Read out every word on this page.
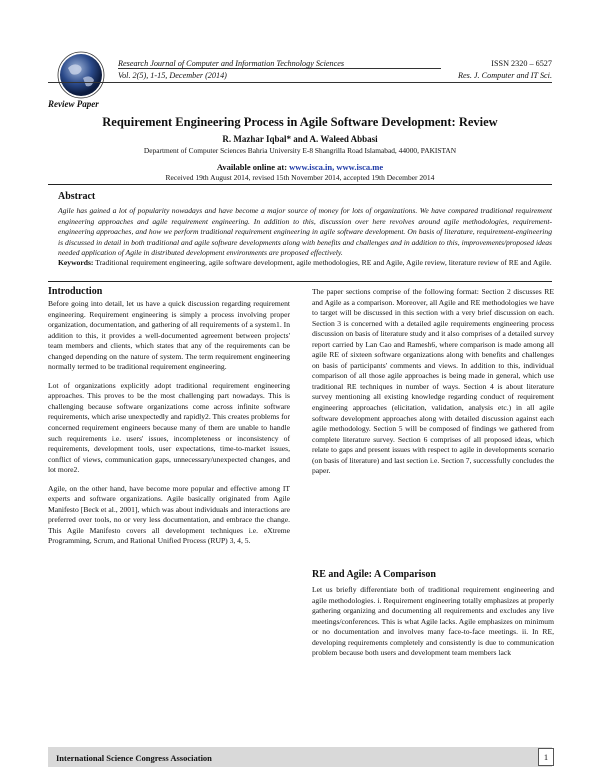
Research Journal of Computer and Information Technology Sciences	ISSN 2320 – 6527
Vol. 2(5), 1-15, December (2014)	Res. J. Computer and IT Sci.
Review Paper
Requirement Engineering Process in Agile Software Development: Review
R. Mazhar Iqbal* and A. Waleed Abbasi
Department of Computer Sciences Bahria University E-8 Shangrilla Road Islamabad, 44000, PAKISTAN
Available online at: www.isca.in, www.isca.me
Received 19th August 2014, revised 15th November 2014, accepted 19th December 2014
Abstract
Agile has gained a lot of popularity nowadays and have become a major source of money for lots of organizations. We have compared traditional requirement engineering approaches and agile requirement engineering. In addition to this, discussion over here revolves around agile methodologies, requirement-engineering approaches, and how we perform traditional requirement engineering in agile software development. On basis of literature, requirement-engineering is discussed in detail in both traditional and agile software developments along with benefits and challenges and in addition to this, improvements/proposed ideas needed application of Agile in distributed development environments are proposed effectively.
Keywords: Traditional requirement engineering, agile software development, agile methodologies, RE and Agile, Agile review, literature review of RE and Agile.
Introduction

Before going into detail, let us have a quick discussion regarding requirement engineering. Requirement engineering is simply a process involving proper organization, documentation, and gathering of all requirements of a system1. In addition to this, it provides a well-documented agreement between projects' team members and clients, which states that any of the requirements can be changed depending on the nature of system. The term requirement engineering normally termed to be traditional requirement engineering.

Lot of organizations explicitly adopt traditional requirement engineering approaches. This proves to be the most challenging part nowadays. This is challenging because software organizations come across infinite software requirements, which arise unexpectedly and rapidly2. This creates problems for concerned requirement engineers because many of them are unable to handle such requirements i.e. users' issues, incompleteness or inconsistency of requirements, development tools, user expectations, time-to-market issues, conflict of views, communication gaps, unnecessary/unexpected changes, and lot more2.

Agile, on the other hand, have become more popular and effective among IT experts and software organizations. Agile basically originated from Agile Manifesto [Beck et al., 2001], which was about individuals and interactions are preferred over tools, no or very less documentation, and embrace the change. This Agile Manifesto covers all development techniques i.e. eXtreme Programming, Scrum, and Rational Unified Process (RUP) 3, 4, 5.

The paper sections comprise of the following format: Section 2 discusses RE and Agile as a comparison. Moreover, all Agile and RE methodologies we have to target will be discussed in this section with a very brief discussion on each. Section 3 is concerned with a detailed agile requirements engineering process discussion on basis of literature study and it also comprises of a detailed survey report carried by Lan Cao and Ramesh6, where comparison is made among all agile RE of sixteen software organizations along with benefits and challenges on basis of participants' comments and views. In addition to this, individual comparison of all those agile approaches is being made in general, which use traditional RE techniques in number of ways. Section 4 is about literature survey mentioning all existing knowledge regarding conduct of requirement engineering approaches (elicitation, validation, analysis etc.) in all agile software development approaches along with detailed discussion against each agile methodology. Section 5 will be composed of findings we gathered from complete literature survey. Section 6 comprises of all proposed ideas, which relate to gaps and present issues with respect to agile in developments scenario (on basis of literature) and last section i.e. Section 7, successfully concludes the paper.

RE and Agile: A Comparison

Let us briefly differentiate both of traditional requirement engineering and agile methodologies. i. Requirement engineering totally emphasizes at properly gathering organizing and documenting all requirements and excludes any live meetings/conferences. This is what Agile lacks. Agile emphasizes on minimum or no documentation and involves many face-to-face meetings. ii. In RE, developing requirements completely and consistently is due to communication problem because both users and development team members lack

International Science Congress Association	1
